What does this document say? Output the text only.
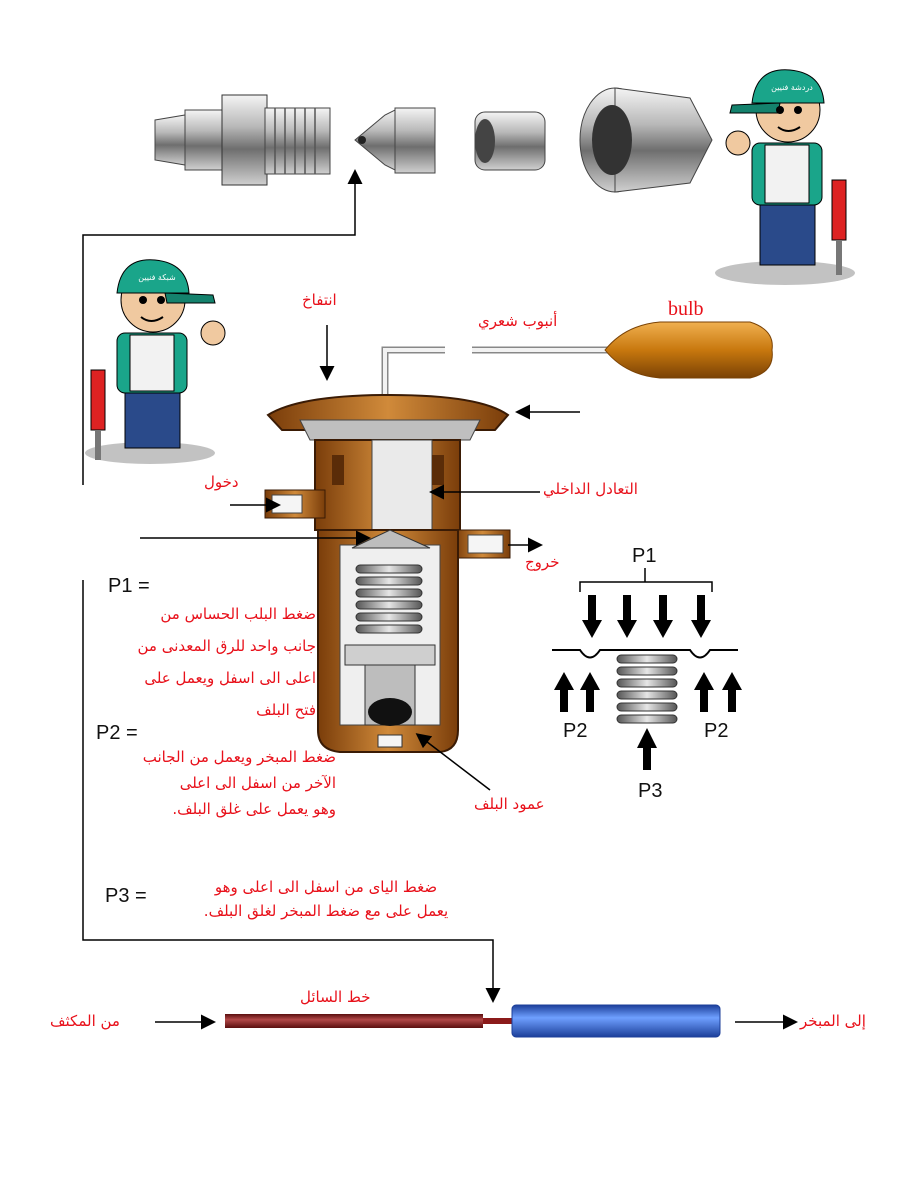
دردشة فنيين
شبكة فنيين
انتفاخ
أنبوب شعري
bulb
دخول	التعادل الداخلي
خروج
عمود البلف
خط السائل
من المكثف	إلى المبخر
P1 =
ضغط البلب الحساس من
جانب واحد للرق المعدنى من
اعلى الى اسفل ويعمل على
فتح البلف
P2 =
ضغط المبخر ويعمل من الجانب
الآخر من اسفل الى اعلى
وهو يعمل على غلق البلف.
P3 =	ضغط الياى من اسفل الى اعلى وهو
يعمل على مع ضغط المبخر لغلق البلف.
P1
P2	P2
P3
